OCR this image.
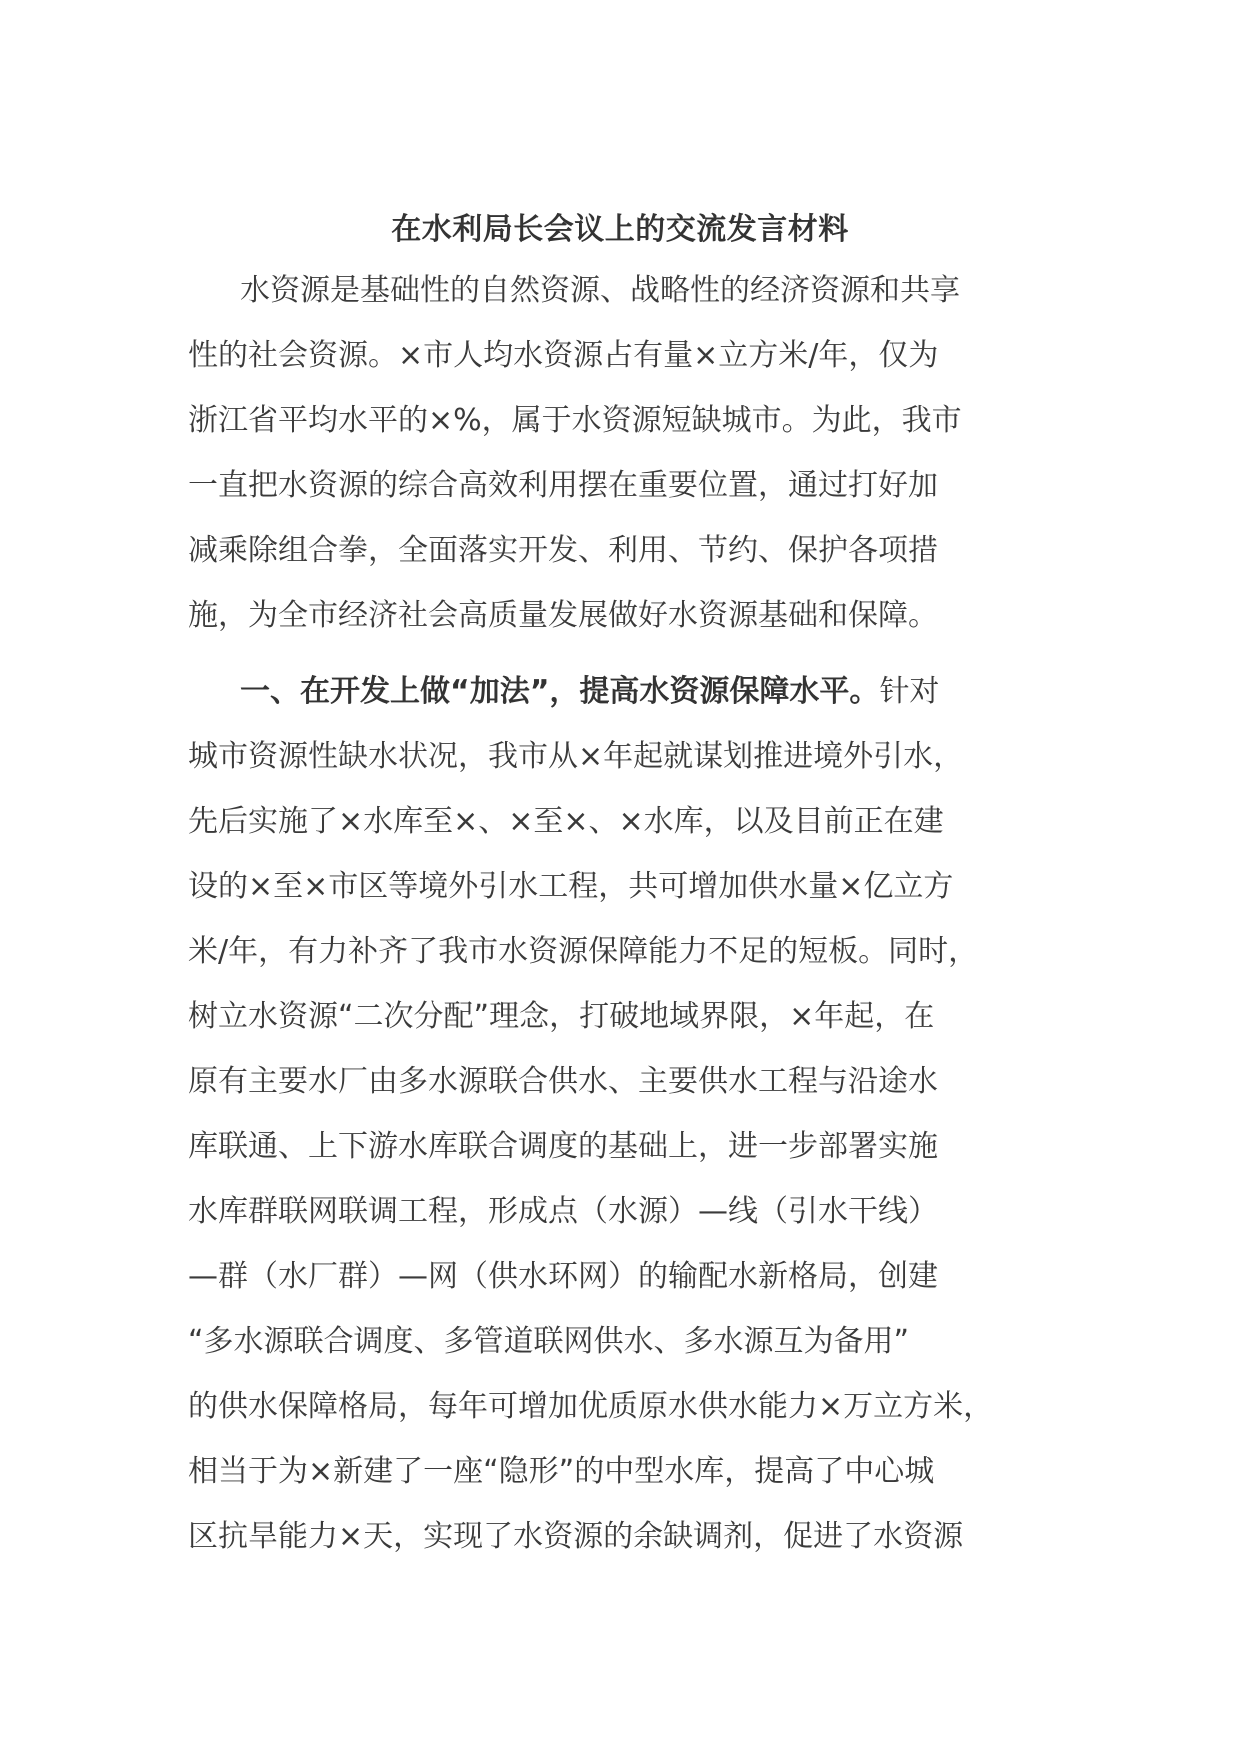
在水利局长会议上的交流发言材料
水资源是基础性的自然资源、战略性的经济资源和共享
性的社会资源。×市人均水资源占有量×立方米/年，仅为
浙江省平均水平的×%，属于水资源短缺城市。为此，我市
一直把水资源的综合高效利用摆在重要位置，通过打好加
减乘除组合拳，全面落实开发、利用、节约、保护各项措
施，为全市经济社会高质量发展做好水资源基础和保障。
一、在开发上做“加法”，提高水资源保障水平。针对
城市资源性缺水状况，我市从×年起就谋划推进境外引水，
先后实施了×水库至×、×至×、×水库，以及目前正在建
设的×至×市区等境外引水工程，共可增加供水量×亿立方
米/年，有力补齐了我市水资源保障能力不足的短板。同时，
树立水资源“二次分配”理念，打破地域界限，×年起，在
原有主要水厂由多水源联合供水、主要供水工程与沿途水
库联通、上下游水库联合调度的基础上，进一步部署实施
水库群联网联调工程，形成点（水源）—线（引水干线）
—群（水厂群）—网（供水环网）的输配水新格局，创建
“多水源联合调度、多管道联网供水、多水源互为备用”
的供水保障格局，每年可增加优质原水供水能力×万立方米，
相当于为×新建了一座“隐形”的中型水库，提高了中心城
区抗旱能力×天，实现了水资源的余缺调剂，促进了水资源
